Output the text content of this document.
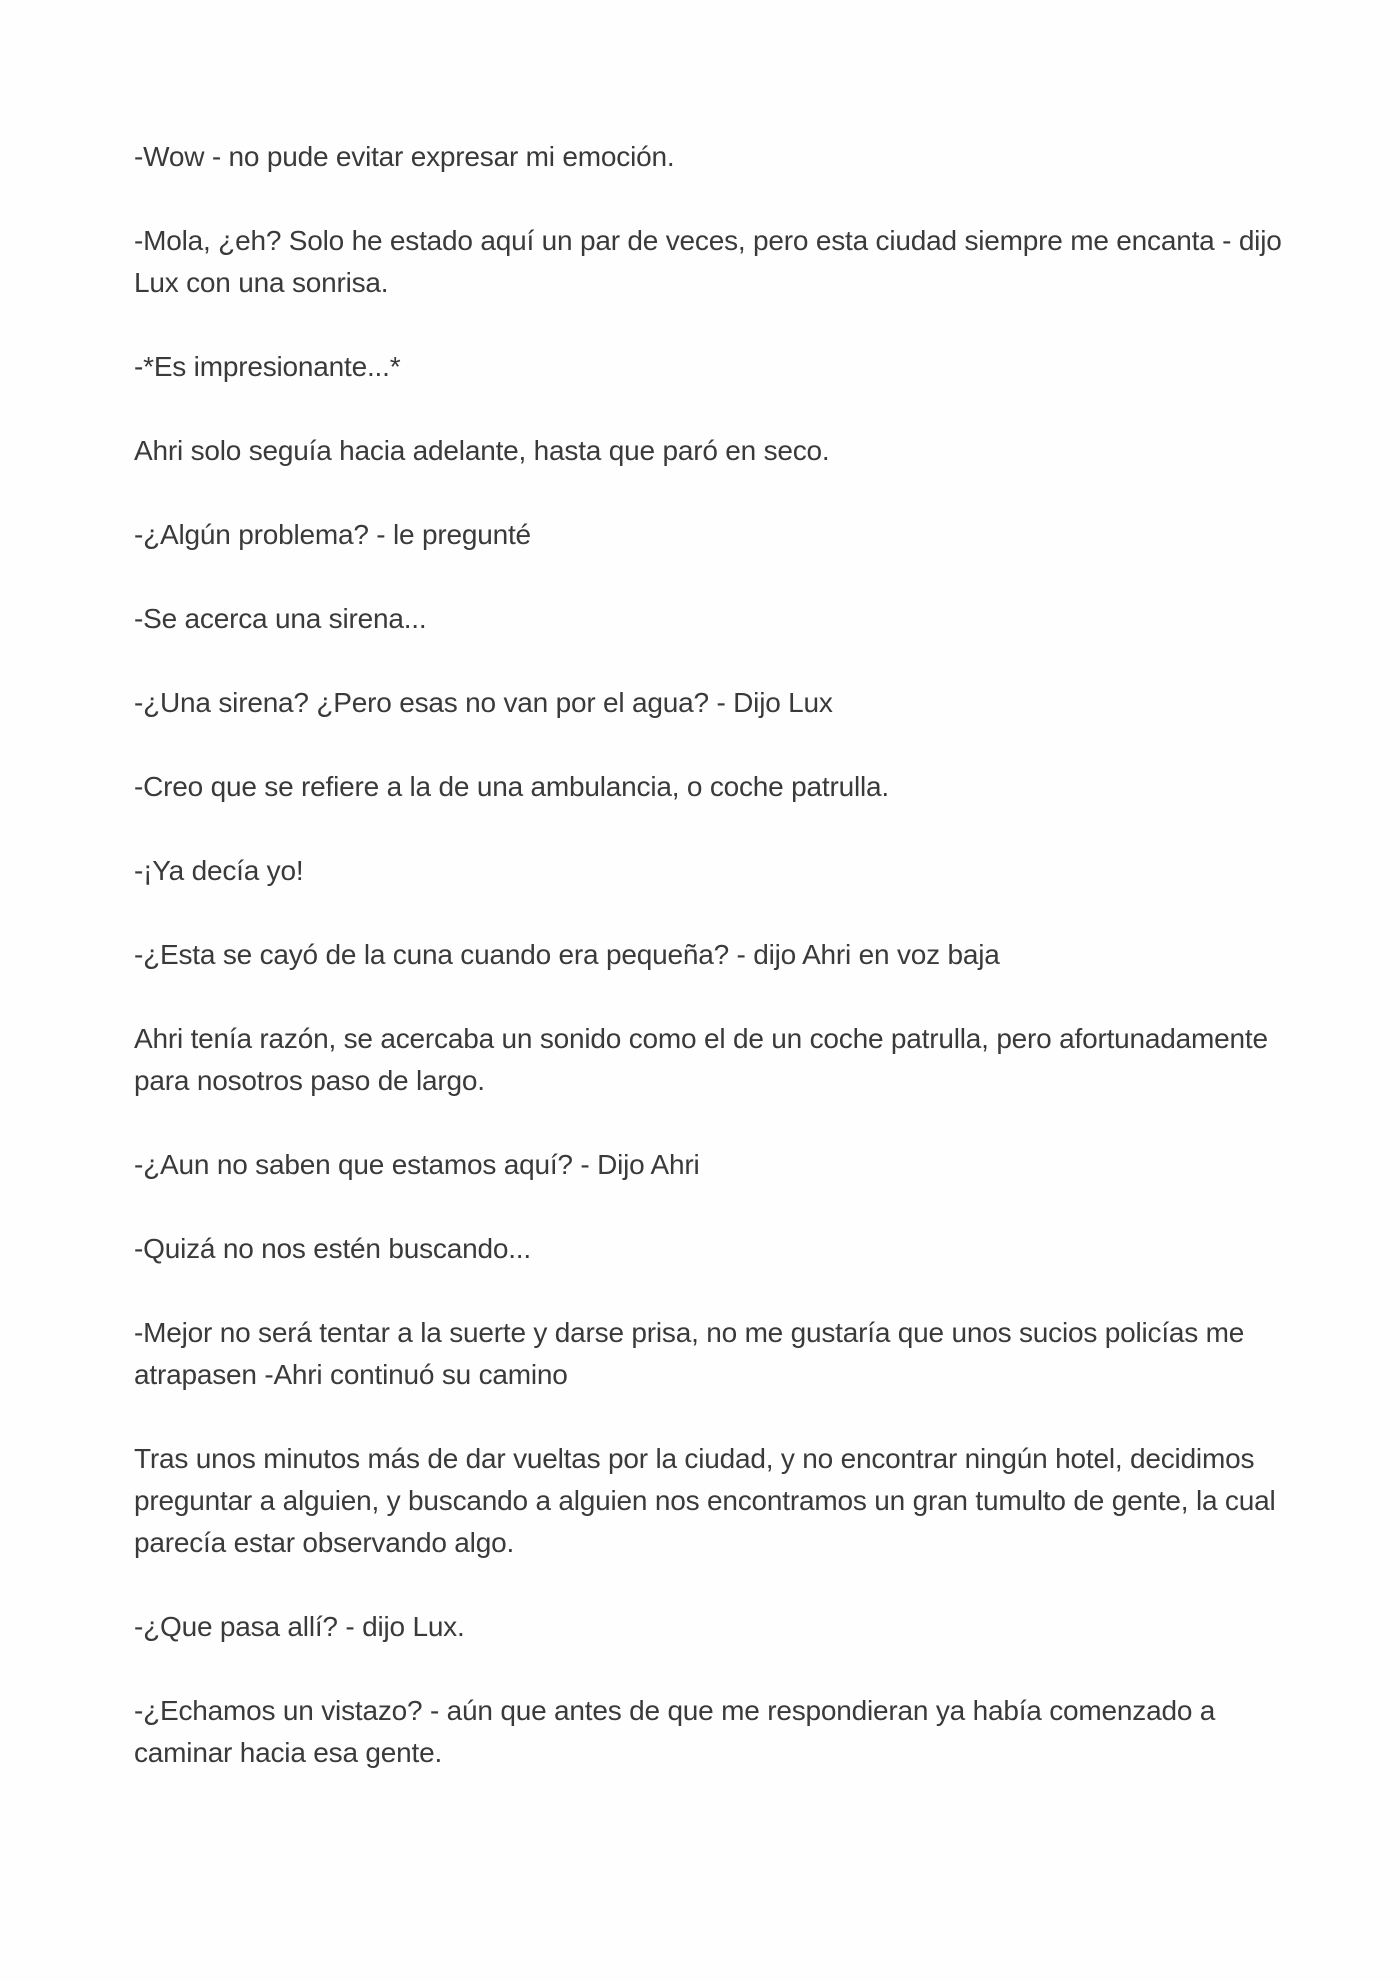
-Wow - no pude evitar expresar mi emoción.

-Mola, ¿eh? Solo he estado aquí un par de veces, pero esta ciudad siempre me encanta - dijo Lux con una sonrisa.

-*Es impresionante...*

Ahri solo seguía hacia adelante, hasta que paró en seco.

-¿Algún problema? - le pregunté

-Se acerca una sirena...

-¿Una sirena? ¿Pero esas no van por el agua? - Dijo Lux

-Creo que se refiere a la de una ambulancia, o coche patrulla.

-¡Ya decía yo!

-¿Esta se cayó de la cuna cuando era pequeña? - dijo Ahri en voz baja

Ahri tenía razón, se acercaba un sonido como el de un coche patrulla, pero afortunadamente para nosotros paso de largo.

-¿Aun no saben que estamos aquí? - Dijo Ahri

-Quizá no nos estén buscando...

-Mejor no será tentar a la suerte y darse prisa, no me gustaría que unos sucios policías me atrapasen -Ahri continuó su camino

Tras unos minutos más de dar vueltas por la ciudad, y no encontrar ningún hotel, decidimos preguntar a alguien, y buscando a alguien nos encontramos un gran tumulto de gente, la cual parecía estar observando algo.

-¿Que pasa allí? - dijo Lux.

-¿Echamos un vistazo? - aún que antes de que me respondieran ya había comenzado a caminar hacia esa gente.
